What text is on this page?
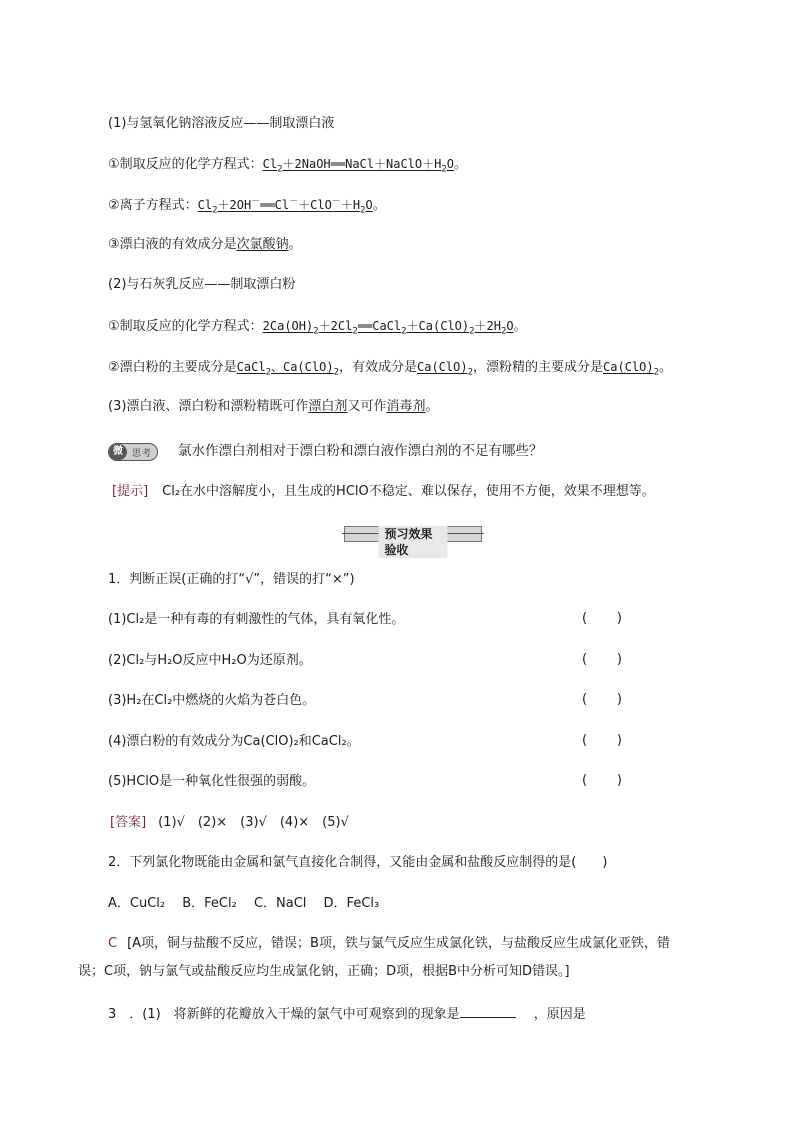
(1)与氢氧化钠溶液反应——制取漂白液
①制取反应的化学方程式：$Cl_2+2NaOH══NaCl+NaClO+H_2O$。
②离子方程式：$Cl_2+2OH^-══Cl^-+ClO^-+H_2O$。
③漂白液的有效成分是次氯酸钠。
(2)与石灰乳反应——制取漂白粉
①制取反应的化学方程式：$2Ca(OH)_2+2Cl_2══CaCl_2+Ca(ClO)_2+2H_2O$。
②漂白粉的主要成分是CaCl$_2$、$Ca(ClO)_2$，有效成分是$Ca(ClO)_2$，漂粉精的主要成分是$Ca(ClO)_2$。
(3)漂白液、漂白粉和漂粉精既可作漂白剂又可作消毒剂。
微	思考	氯水作漂白剂相对于漂白粉和漂白液作漂白剂的不足有哪些？
[提示] Cl₂在水中溶解度小，且生成的HClO不稳定、难以保存，使用不方便，效果不理想等。
预习效果验收
1．判断正误(正确的打“√”，错误的打“×”)
(1)Cl₂是一种有毒的有刺激性的气体，具有氧化性。	( )
(2)Cl₂与H₂O反应中H₂O为还原剂。	( )
(3)H₂在Cl₂中燃烧的火焰为苍白色。	( )
(4)漂白粉的有效成分为Ca(ClO)₂和CaCl₂。	( )
(5)HClO是一种氧化性很强的弱酸。	( )
[答案] (1)√　(2)×　(3)√　(4)×　(5)√
2．下列氯化物既能由金属和氯气直接化合制得，又能由金属和盐酸反应制得的是(　　)
A．CuCl₂　 B．FeCl₂　 C．NaCl　 D．FeCl₃
C [A项，铜与盐酸不反应，错误；B项，铁与氯气反应生成氯化铁，与盐酸反应生成氯化亚铁，错
误；C项，钠与氯气或盐酸反应均生成氯化钠，正确；D项，根据B中分析可知D错误。]
3　．(1)　将新鲜的花瓣放入干燥的氯气中可观察到的现象是	，原因是
